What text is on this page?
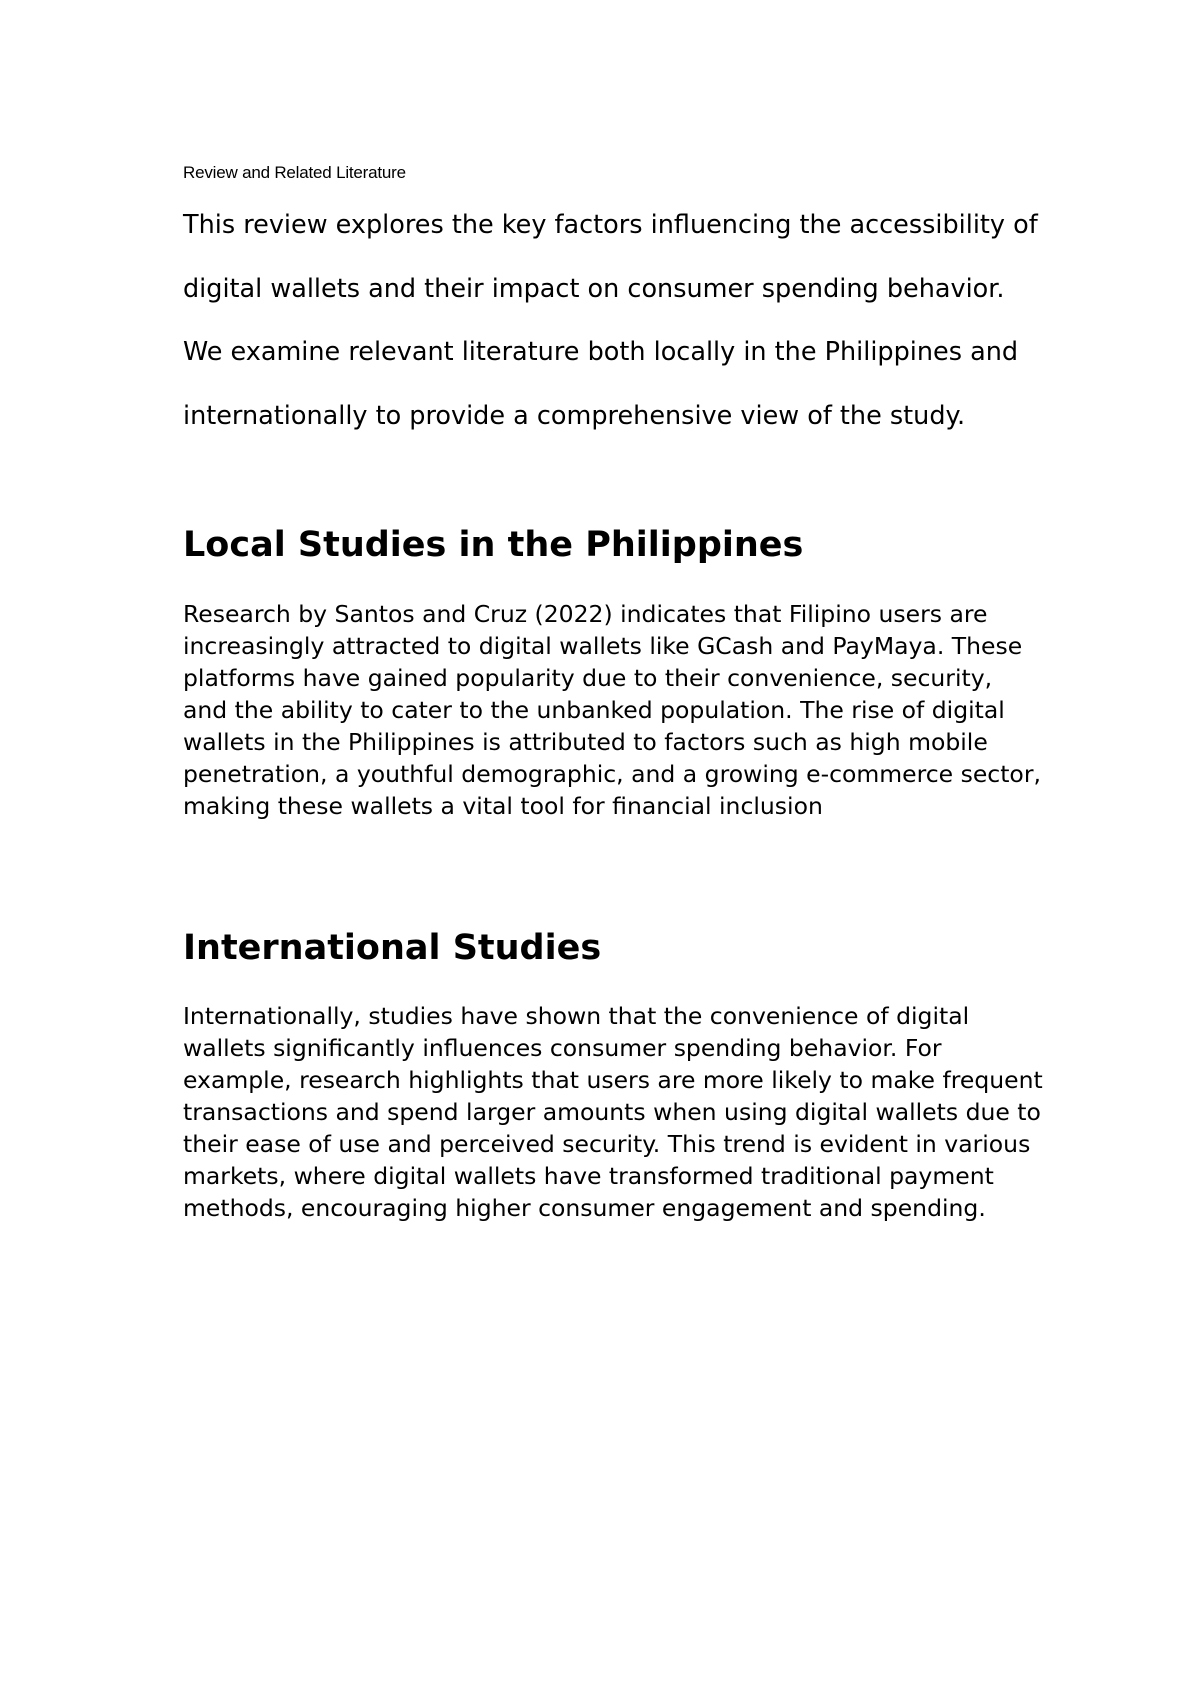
Review and Related Literature

This review explores the key factors influencing the accessibility of digital wallets and their impact on consumer spending behavior. We examine relevant literature both locally in the Philippines and internationally to provide a comprehensive view of the study.

Local Studies in the Philippines

Research by Santos and Cruz (2022) indicates that Filipino users are increasingly attracted to digital wallets like GCash and PayMaya. These platforms have gained popularity due to their convenience, security, and the ability to cater to the unbanked population. The rise of digital wallets in the Philippines is attributed to factors such as high mobile penetration, a youthful demographic, and a growing e-commerce sector, making these wallets a vital tool for financial inclusion

International Studies

Internationally, studies have shown that the convenience of digital wallets significantly influences consumer spending behavior. For example, research highlights that users are more likely to make frequent transactions and spend larger amounts when using digital wallets due to their ease of use and perceived security. This trend is evident in various markets, where digital wallets have transformed traditional payment methods, encouraging higher consumer engagement and spending.
